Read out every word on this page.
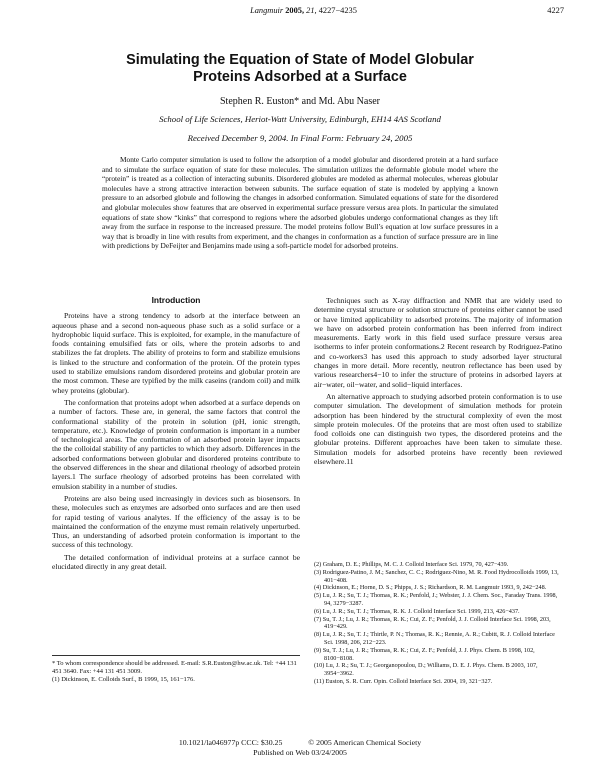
Langmuir 2005, 21, 4227−4235	4227
Simulating the Equation of State of Model Globular
Proteins Adsorbed at a Surface
Stephen R. Euston* and Md. Abu Naser
School of Life Sciences, Heriot-Watt University, Edinburgh, EH14 4AS Scotland
Received December 9, 2004. In Final Form: February 24, 2005

Monte Carlo computer simulation is used to follow the adsorption of a model globular and disordered protein at a hard surface and to simulate the surface equation of state for these molecules. The simulation utilizes the deformable globule model where the “protein” is treated as a collection of interacting subunits. Disordered globules are modeled as athermal molecules, whereas globular molecules have a strong attractive interaction between subunits. The surface equation of state is modeled by applying a known pressure to an adsorbed globule and following the changes in adsorbed conformation. Simulated equations of state for the disordered and globular molecules show features that are observed in experimental surface pressure versus area plots. In particular the simulated equations of state show “kinks” that correspond to regions where the adsorbed globules undergo conformational changes as they lift away from the surface in response to the increased pressure. The model proteins follow Bull’s equation at low surface pressures in a way that is broadly in line with results from experiment, and the changes in conformation as a function of surface pressure are in line with predictions by DeFeijter and Benjamins made using a soft-particle model for adsorbed proteins.

Introduction

Proteins have a strong tendency to adsorb at the interface between an aqueous phase and a second non-aqueous phase such as a solid surface or a hydrophobic liquid surface. This is exploited, for example, in the manufacture of foods containing emulsified fats or oils, where the protein adsorbs to and stabilizes the fat droplets. The ability of proteins to form and stabilize emulsions is linked to the structure and conformation of the protein. Of the protein types used to stabilize emulsions random disordered proteins and globular protein are the most common. These are typified by the milk caseins (random coil) and milk whey proteins (globular).

The conformation that proteins adopt when adsorbed at a surface depends on a number of factors. These are, in general, the same factors that control the conformational stability of the protein in solution (pH, ionic strength, temperature, etc.). Knowledge of protein conformation is important in a number of technological areas. The conformation of an adsorbed protein layer impacts the the colloidal stability of any particles to which they adsorb. Differences in the adsorbed conformations between globular and disordered proteins contribute to the observed differences in the shear and dilational rheology of adsorbed protein layers.1 The surface rheology of adsorbed proteins has been correlated with emulsion stability in a number of studies.

Proteins are also being used increasingly in devices such as biosensors. In these, molecules such as enzymes are adsorbed onto surfaces and are then used for rapid testing of various analytes. If the efficiency of the assay is to be maintained the conformation of the enzyme must remain relatively unperturbed. Thus, an understanding of adsorbed protein conformation is important to the success of this technology.

The detailed conformation of individual proteins at a surface cannot be elucidated directly in any great detail.

* To whom correspondence should be addressed. E-mail: S.R.Euston@hw.ac.uk. Tel: +44 131 451 3640. Fax: +44 131 451 3009.

(1) Dickinson, E. Colloids Surf., B 1999, 15, 161−176.

Techniques such as X-ray diffraction and NMR that are widely used to determine crystal structure or solution structure of proteins either cannot be used or have limited applicability to adsorbed proteins. The majority of information we have on adsorbed protein conformation has been inferred from indirect measurements. Early work in this field used surface pressure versus area isotherms to infer protein conformations.2 Recent research by Rodriguez-Patino and co-workers3 has used this approach to study adsorbed layer structural changes in more detail. More recently, neutron reflectance has been used by various researchers4−10 to infer the structure of proteins in adsorbed layers at air−water, oil−water, and solid−liquid interfaces.

An alternative approach to studying adsorbed protein conformation is to use computer simulation. The development of simulation methods for protein adsorption has been hindered by the structural complexity of even the most simple protein molecules. Of the proteins that are most often used to stabilize food colloids one can distinguish two types, the disordered proteins and the globular proteins. Different approaches have been taken to simulate these. Simulation models for adsorbed proteins have recently been reviewed elsewhere.11

(2) Graham, D. E.; Phillips, M. C. J. Colloid Interface Sci. 1979, 70, 427−439.

(3) Rodriguez-Patino, J. M.; Sanchez, C. C.; Rodriguez-Nino, M. R. Food Hydrocolloids 1999, 13, 401−408.

(4) Dickinson, E.; Horne, D. S.; Phipps, J. S.; Richardson, R. M. Langmuir 1993, 9, 242−248.

(5) Lu, J. R.; Su, T. J.; Thomas, R. K.; Penfold, J.; Webster, J. J. Chem. Soc., Faraday Trans. 1998, 94, 3279−3287.

(6) Lu, J. R.; Su, T. J.; Thomas, R. K. J. Colloid Interface Sci. 1999, 213, 426−437.

(7) Su, T. J.; Lu, J. R.; Thomas, R. K.; Cui, Z. F.; Penfold, J. J. Colloid Interface Sci. 1998, 203, 419−429.

(8) Lu, J. R.; Su, T. J.; Thirtle, P. N.; Thomas, R. K.; Rennie, A. R.; Cubitt, R. J. Colloid Interface Sci. 1998, 206, 212−223.

(9) Su, T. J.; Lu, J. R.; Thomas, R. K.; Cui, Z. F.; Penfold, J. J. Phys. Chem. B 1998, 102, 8100−8108.

(10) Lu, J. R.; Su, T. J.; Georganopoulou, D.; Williams, D. E. J. Phys. Chem. B 2003, 107, 3954−3962.

(11) Euston, S. R. Curr. Opin. Colloid Interface Sci. 2004, 19, 321−327.

10.1021/la046977p CCC: $30.25	© 2005 American Chemical Society
Published on Web 03/24/2005
